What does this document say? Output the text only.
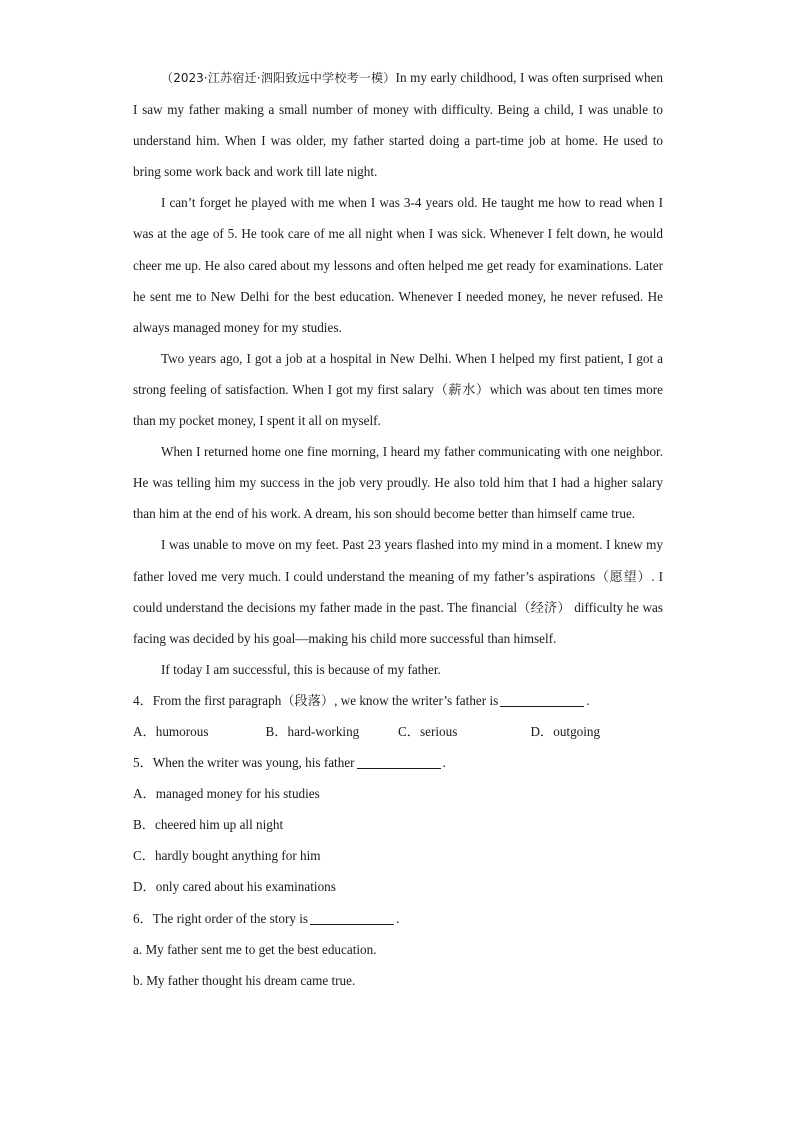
（2023·江苏宿迁·泗阳致远中学校考一模）In my early childhood, I was often surprised when I saw my father making a small number of money with difficulty. Being a child, I was unable to understand him. When I was older, my father started doing a part-time job at home. He used to bring some work back and work till late night.

I can’t forget he played with me when I was 3-4 years old. He taught me how to read when I was at the age of 5. He took care of me all night when I was sick. Whenever I felt down, he would cheer me up. He also cared about my lessons and often helped me get ready for examinations. Later he sent me to New Delhi for the best education. Whenever I needed money, he never refused. He always managed money for my studies.

Two years ago, I got a job at a hospital in New Delhi. When I helped my first patient, I got a strong feeling of satisfaction. When I got my first salary（薪水）which was about ten times more than my pocket money, I spent it all on myself.

When I returned home one fine morning, I heard my father communicating with one neighbor. He was telling him my success in the job very proudly. He also told him that I had a higher salary than him at the end of his work. A dream, his son should become better than himself came true.

I was unable to move on my feet. Past 23 years flashed into my mind in a moment. I knew my father loved me very much. I could understand the meaning of my father’s aspirations（愿望）. I could understand the decisions my father made in the past. The financial（经济） difficulty he was facing was decided by his goal—making his child more successful than himself.

If today I am successful, this is because of my father.

4．From the first paragraph（段落）, we know the writer’s father is	.

A．humorous	B．hard-working	C．serious	D．outgoing

5．When the writer was young, his father	.

A．managed money for his studies

B．cheered him up all night

C．hardly bought anything for him

D．only cared about his examinations

6．The right order of the story is	.

a. My father sent me to get the best education.

b. My father thought his dream came true.
